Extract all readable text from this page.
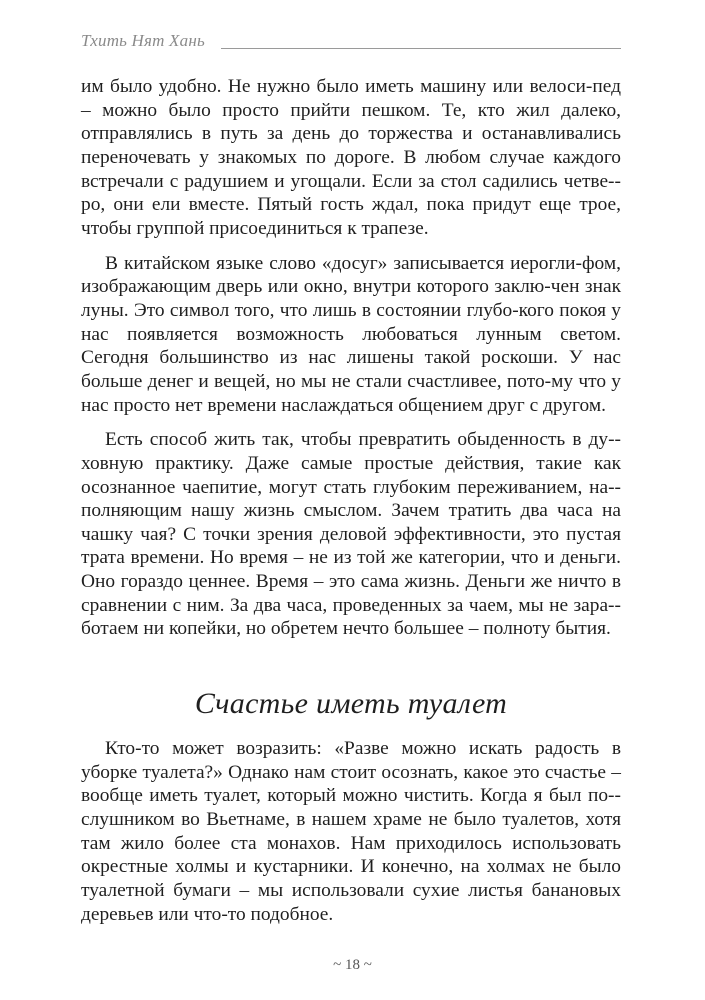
Тхить Нят Хань

им было удобно. Не нужно было иметь машину или велоси-пед – можно было просто прийти пешком. Те, кто жил далеко, отправлялись в путь за день до торжества и останавливались переночевать у знакомых по дороге. В любом случае каждого встречали с радушием и угощали. Если за стол садились четве-ро, они ели вместе. Пятый гость ждал, пока придут еще трое, чтобы группой присоединиться к трапезе.

В китайском языке слово «досуг» записывается иерогли-фом, изображающим дверь или окно, внутри которого заклю-чен знак луны. Это символ того, что лишь в состоянии глубо-кого покоя у нас появляется возможность любоваться лунным светом. Сегодня большинство из нас лишены такой роскоши. У нас больше денег и вещей, но мы не стали счастливее, пото-му что у нас просто нет времени наслаждаться общением друг с другом.

Есть способ жить так, чтобы превратить обыденность в ду-ховную практику. Даже самые простые действия, такие как осознанное чаепитие, могут стать глубоким переживанием, на-полняющим нашу жизнь смыслом. Зачем тратить два часа на чашку чая? С точки зрения деловой эффективности, это пустая трата времени. Но время – не из той же категории, что и деньги. Оно гораздо ценнее. Время – это сама жизнь. Деньги же ничто в сравнении с ним. За два часа, проведенных за чаем, мы не зара-ботаем ни копейки, но обретем нечто большее – полноту бытия.

Счастье иметь туалет

Кто-то может возразить: «Разве можно искать радость в уборке туалета?» Однако нам стоит осознать, какое это счастье – вообще иметь туалет, который можно чистить. Когда я был по-слушником во Вьетнаме, в нашем храме не было туалетов, хотя там жило более ста монахов. Нам приходилось использовать окрестные холмы и кустарники. И конечно, на холмах не было туалетной бумаги – мы использовали сухие листья банановых деревьев или что-то подобное.

~ 18 ~
